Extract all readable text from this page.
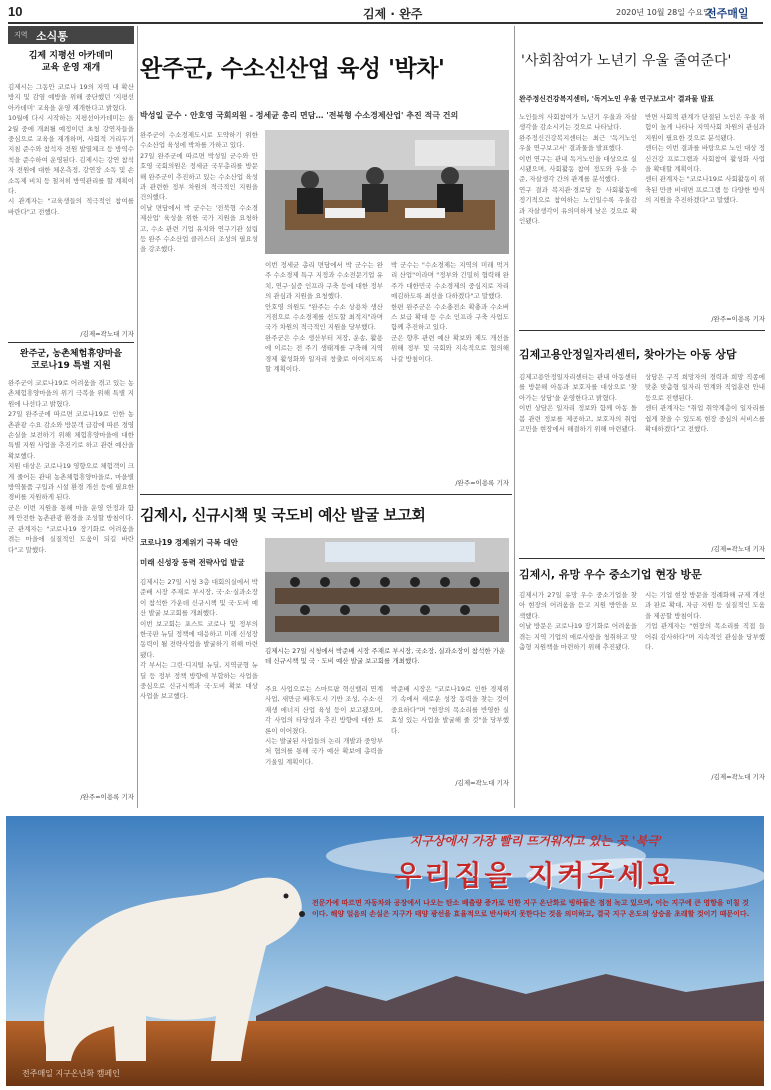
10	김제 · 완주	2020년 10월 28일 수요일
전주매일
지역 소식통
김제 지평선 아카데미
교육 운영 재개
김제시는 그동안 코로나 19의 지역 내 확산 방지 및 감염 예방을 위해 중단했던 '지평선아카데미' 교육을 운영 재개한다고 밝혔다.
10월에 다시 시작하는 지평선아카데미는 올 2월 중에 개최될 예정이던 초청 강연자들을 중심으로 교육을 재개하며, 사회적 거리두기 지침 준수와 참석자 전원 발열체크 등 방역수칙을 준수하여 운영된다. 김제시는 강연 참석자 전원에 대한 체온측정, 강연장 소독 및 손 소독제 비치 등 철저히 방역관리를 할 계획이다.
시 관계자는 "교육생들의 적극적인 참여를 바란다"고 전했다.
/김제=곽노대 기자
완주군, 농촌체험휴양마을
코로나19 특별 지원
완주군이 코로나19로 어려움을 겪고 있는 농촌체험휴양마을의 위기 극복을 위해 특별 지원에 나선다고 밝혔다.
27일 완주군에 따르면 코로나19로 인한 농촌관광 수요 감소와 방문객 급감에 따른 경영 손실을 보전하기 위해 체험휴양마을에 대한 특별 지원 사업을 추진키로 하고 관련 예산을 확보했다.
지원 대상은 코로나19 영향으로 체험객이 크게 줄어든 관내 농촌체험휴양마을로, 마을별 방역물품 구입과 시설 환경 개선 등에 필요한 경비를 지원하게 된다.
군은 이번 지원을 통해 마을 운영 안정과 함께 안전한 농촌관광 환경을 조성할 방침이다.
군 관계자는 "코로나19 장기화로 어려움을 겪는 마을에 실질적인 도움이 되길 바란다"고 말했다.
/완주=이용록 기자
완주군, 수소신산업 육성 '박차'
박성일 군수 · 안호영 국회의원 - 정세균 총리 면담… '전북형 수소경제산업' 추진 적극 건의
완주군이 수소경제도시로 도약하기 위한 수소산업 육성에 박차를 가하고 있다.
27일 완주군에 따르면 박성일 군수와 안호영 국회의원은 정세균 국무총리를 방문해 완주군이 추진하고 있는 수소산업 육성과 관련한 정부 차원의 적극적인 지원을 건의했다.
이날 면담에서 박 군수는 '전북형 수소경제산업' 육성을 위한 국가 지원을 요청하고, 수소 관련 기업 유치와 연구기관 설립 등 완주 수소산업 클러스터 조성의 필요성을 강조했다.
이번 정세균 총리 면담에서 박 군수는 완주 수소경제 특구 지정과 수소전문기업 유치, 연구·실증 인프라 구축 등에 대한 정부의 관심과 지원을 요청했다.
안호영 의원도 "완주는 수소 상용차 생산 거점으로 수소경제를 선도할 최적지"라며 국가 차원의 적극적인 지원을 당부했다.
완주군은 수소 생산부터 저장, 운송, 활용에 이르는 전 주기 생태계를 구축해 지역 경제 활성화와 일자리 창출로 이어지도록 할 계획이다.
박 군수는 "수소경제는 지역의 미래 먹거리 산업"이라며 "정부와 긴밀히 협력해 완주가 대한민국 수소경제의 중심지로 자리매김하도록 최선을 다하겠다"고 말했다.
한편 완주군은 수소충전소 확충과 수소버스 보급 확대 등 수소 인프라 구축 사업도 함께 추진하고 있다.
군은 향후 관련 예산 확보와 제도 개선을 위해 정부 및 국회와 지속적으로 협의해 나갈 방침이다.
/완주=이용록 기자
김제시, 신규시책 및 국도비 예산 발굴 보고회
코로나19 경제위기 극복 대안
미래 신성장 동력 전략사업 발굴
김제시는 27일 시청 3층 대회의실에서 박준배 시장 주재로 부시장, 국·소·실과소장이 참석한 가운데 신규시책 및 국·도비 예산 발굴 보고회를 개최했다.
이번 보고회는 포스트 코로나 및 정부의 한국판 뉴딜 정책에 대응하고 미래 신성장 동력이 될 전략사업을 발굴하기 위해 마련됐다.
각 부서는 그린·디지털 뉴딜, 지역균형 뉴딜 등 정부 정책 방향에 부합하는 사업을 중심으로 신규시책과 국·도비 확보 대상 사업을 보고했다.
김제시는 27일 시청에서 박준배 시장 주재로 부시장, 국소장, 실과소장이 참석한 가운데 신규시책 및 국 · 도비 예산 발굴 보고회를 개최했다.
주요 사업으로는 스마트팜 혁신밸리 연계사업, 새만금 배후도시 기반 조성, 수소·신재생 에너지 산업 육성 등이 보고됐으며, 각 사업의 타당성과 추진 방향에 대한 토론이 이어졌다.
시는 발굴된 사업들의 논리 개발과 중앙부처 협의를 통해 국가 예산 확보에 총력을 기울일 계획이다.
박준배 시장은 "코로나19로 인한 경제위기 속에서 새로운 성장 동력을 찾는 것이 중요하다"며 "현장의 목소리를 반영한 실효성 있는 사업을 발굴해 줄 것"을 당부했다.
/김제=곽노대 기자
'사회참여가 노년기 우울 줄여준다'
완주정신건강복지센터, '독거노인 우울 연구보고서' 결과물 발표
노인들의 사회참여가 노년기 우울과 자살생각을 감소시키는 것으로 나타났다.
완주정신건강복지센터는 최근 '독거노인 우울 연구보고서' 결과물을 발표했다.
이번 연구는 관내 독거노인을 대상으로 실시됐으며, 사회활동 참여 정도와 우울 수준, 자살생각 간의 관계를 분석했다.
연구 결과 복지관·경로당 등 사회활동에 정기적으로 참여하는 노인일수록 우울감과 자살생각이 유의미하게 낮은 것으로 확인됐다.
반면 사회적 관계가 단절된 노인은 우울 위험이 높게 나타나 지역사회 차원의 관심과 지원이 필요한 것으로 분석됐다.
센터는 이번 결과를 바탕으로 노인 대상 정신건강 프로그램과 사회참여 활성화 사업을 확대할 계획이다.
센터 관계자는 "코로나19로 사회활동이 위축된 만큼 비대면 프로그램 등 다양한 방식의 지원을 추진하겠다"고 말했다.
/완주=이용록 기자
김제고용안정일자리센터, 찾아가는 아동 상담
김제고용안정일자리센터는 관내 아동센터를 방문해 아동과 보호자를 대상으로 '찾아가는 상담'을 운영한다고 밝혔다.
이번 상담은 일자리 정보와 함께 아동 돌봄 관련 정보를 제공하고, 보호자의 취업 고민을 현장에서 해결하기 위해 마련됐다.
상담은 구직 희망자의 경력과 희망 직종에 맞춘 맞춤형 일자리 연계와 직업훈련 안내 등으로 진행된다.
센터 관계자는 "취업 취약계층이 일자리를 쉽게 찾을 수 있도록 현장 중심의 서비스를 확대하겠다"고 전했다.
/김제=곽노대 기자
김제시, 유망 우수 중소기업 현장 방문
김제시가 27일 유망 우수 중소기업을 찾아 현장의 어려움을 듣고 지원 방안을 모색했다.
이날 방문은 코로나19 장기화로 어려움을 겪는 지역 기업의 애로사항을 청취하고 맞춤형 지원책을 마련하기 위해 추진됐다.
시는 기업 현장 방문을 정례화해 규제 개선과 판로 확대, 자금 지원 등 실질적인 도움을 제공할 방침이다.
기업 관계자는 "현장의 목소리를 직접 들어줘 감사하다"며 지속적인 관심을 당부했다.
/김제=곽노대 기자
지구상에서 가장 빨리 뜨거워지고 있는 곳 '북극'
우리집을 지켜주세요
전문가에 따르면 자동차와 공장에서 나오는 탄소 배출량 증가로 인한 지구 온난화로 빙하들은 점점 녹고 있으며, 이는 지구에 큰 영향을 미칠 것이다. 해양 얼음의 손실은 지구가 태양 광선을 효율적으로 반사하지 못한다는 것을 의미하고, 결국 지구 온도의 상승을 초래할 것이기 때문이다.
전주매일 지구온난화 캠페인
